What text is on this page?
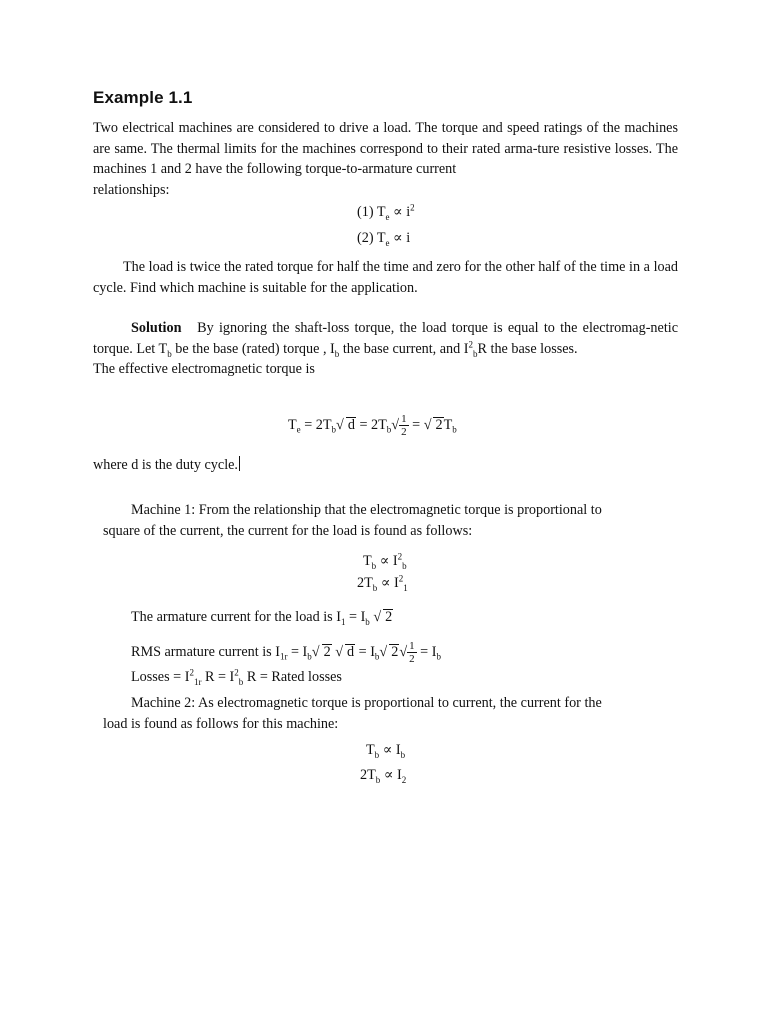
Example 1.1
Two electrical machines are considered to drive a load. The torque and speed ratings of the machines are same. The thermal limits for the machines correspond to their rated arma-ture resistive losses. The machines 1 and 2 have the following torque-to-armature current
relationships:
(1) $T_e \propto i^2$
(2) $T_e \propto i$
The load is twice the rated torque for half the time and zero for the other half of the time in a load cycle. Find which machine is suitable for the application.
Solution By ignoring the shaft-loss torque, the load torque is equal to the electromag-netic torque. Let $T_b$ be the base (rated) torque , $I_b$ the base current, and $I^2_bR$ the base losses.
The effective electromagnetic torque is
$T_e = 2T_b√$ $d = 2T_b√ \frac{1}{2}$ = √ $2T_b$
where d is the duty cycle.
Machine 1: From the relationship that the electromagnetic torque is proportional to
square of the current, the current for the load is found as follows:
$T_b \propto I^2_b$
$2T_b \propto I^2_1$
The armature current for the load is $I_1 = I_b$ √ 2
RMS armature current is $I_{1r} = I_b√$ 2 √ $d = I_b√$ $2√ \frac{1}{2} = I_b$
Losses = $I^2_{1r}$ $R = I^2_b$ R = Rated losses
Machine 2: As electromagnetic torque is proportional to current, the current for the
load is found as follows for this machine:
$T_b \propto I_b$
$2T_b \propto I_2$
